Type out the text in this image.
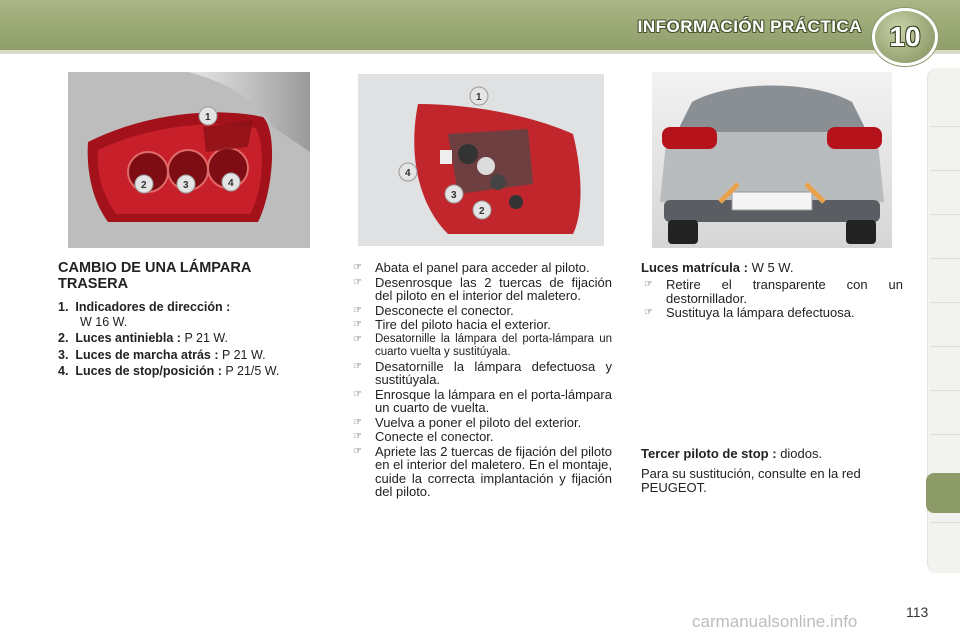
INFORMACIÓN PRÁCTICA 10
1
2	3	4
1
4
3
2
CAMBIO DE UNA LÁMPARA TRASERA
1. Indicadores de dirección :
W 16 W.
2. Luces antiniebla : P 21 W.
3. Luces de marcha atrás : P 21 W.
4. Luces de stop/posición : P 21/5 W.
☞ Abata el panel para acceder al piloto.
☞ Desenrosque las 2 tuercas de fijación del piloto en el interior del maletero.
☞ Desconecte el conector.
☞ Tire del piloto hacia el exterior.
☞ Desatornille la lámpara del porta-lámpara un cuarto vuelta y sustitúyala.
☞ Desatornille la lámpara defectuosa y sustitúyala.
☞ Enrosque la lámpara en el porta-lámpara un cuarto de vuelta.
☞ Vuelva a poner el piloto del exterior.
☞ Conecte el conector.
☞ Apriete las 2 tuercas de fijación del piloto en el interior del maletero. En el montaje, cuide la correcta implantación y fijación del piloto.
Luces matrícula : W 5 W.
☞ Retire el transparente con un destornillador.
☞ Sustituya la lámpara defectuosa.
Tercer piloto de stop : diodos.
Para su sustitución, consulte en la red PEUGEOT.
carmanualsonline.info	113
